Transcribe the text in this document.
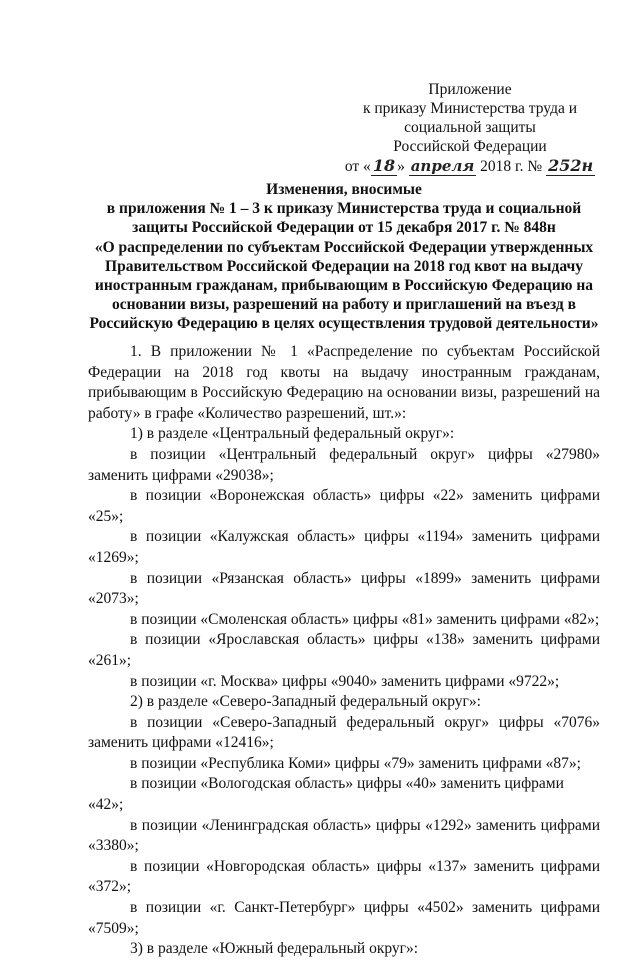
Приложение
к приказу Министерства труда и
социальной защиты
Российской Федерации
от « 18 » апреля 2018 г. № 252н
Изменения, вносимые
в приложения № 1 – 3 к приказу Министерства труда и социальной
защиты Российской Федерации от 15 декабря 2017 г. № 848н
«О распределении по субъектам Российской Федерации утвержденных
Правительством Российской Федерации на 2018 год квот на выдачу
иностранным гражданам, прибывающим в Российскую Федерацию на
основании визы, разрешений на работу и приглашений на въезд в
Российскую Федерацию в целях осуществления трудовой деятельности»

1. В приложении № 1 «Распределение по субъектам Российской Федерации на 2018 год квоты на выдачу иностранным гражданам, прибывающим в Российскую Федерацию на основании визы, разрешений на работу» в графе «Количество разрешений, шт.»:

1) в разделе «Центральный федеральный округ»:

в позиции «Центральный федеральный округ» цифры «27980» заменить цифрами «29038»;

в позиции «Воронежская область» цифры «22» заменить цифрами «25»;

в позиции «Калужская область» цифры «1194» заменить цифрами «1269»;

в позиции «Рязанская область» цифры «1899» заменить цифрами «2073»;

в позиции «Смоленская область» цифры «81» заменить цифрами «82»;

в позиции «Ярославская область» цифры «138» заменить цифрами «261»;

в позиции «г. Москва» цифры «9040» заменить цифрами «9722»;

2) в разделе «Северо-Западный федеральный округ»:

в позиции «Северо-Западный федеральный округ» цифры «7076» заменить цифрами «12416»;

в позиции «Республика Коми» цифры «79» заменить цифрами «87»;

в позиции «Вологодская область» цифры «40» заменить цифрами «42»;

в позиции «Ленинградская область» цифры «1292» заменить цифрами «3380»;

в позиции «Новгородская область» цифры «137» заменить цифрами «372»;

в позиции «г. Санкт-Петербург» цифры «4502» заменить цифрами «7509»;

3) в разделе «Южный федеральный округ»:
